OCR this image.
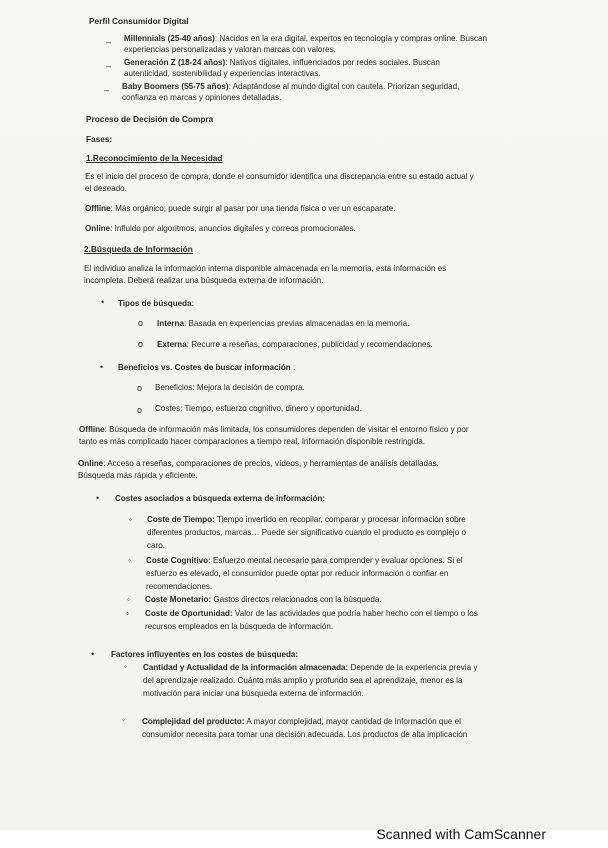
Perfil Consumidor Digital
– Millennials (25-40 años): Nacidos en la era digital, expertos en tecnología y compras online. Buscan
experiencias personalizadas y valoran marcas con valores.
– Generación Z (18-24 años): Nativos digitales, influenciados por redes sociales. Buscan
autenticidad, sostenibilidad y experiencias interactivas.
– Baby Boomers (55-75 años): Adaptándose al mundo digital con cautela. Priorizan seguridad,
confianza en marcas y opiniones detalladas.
Proceso de Decisión de Compra
Fases:
1.Reconocimiento de la Necesidad
Es el inicio del proceso de compra, donde el consumidor identifica una discrepancia entre su estado actual y
el deseado.
Offline: Más orgánico; puede surgir al pasar por una tienda física o ver un escaparate.
Online: Influido por algoritmos, anuncios digitales y correos promocionales.
2.Búsqueda de Información
El individuo analiza la información interna disponible almacenada en la memoria, esta información es
incompleta. Deberá realizar una búsqueda externa de información.
• Tipos de búsqueda:
o Interna: Basada en experiencias previas almacenadas en la memoria.
o Externa: Recurre a reseñas, comparaciones, publicidad y recomendaciones.
• Beneficios vs. Costes de buscar información :
o Beneficios: Mejora la decisión de compra.
o Costes: Tiempo, esfuerzo cognitivo, dinero y oportunidad.
Offline: Búsqueda de información más limitada, los consumidores dependen de visitar el entorno físico y por
tanto es más complicado hacer comparaciones a tiempo real. Información disponible restringida.
Online: Acceso a reseñas, comparaciones de precios, vídeos, y herramientas de análisis detalladas.
Búsqueda más rápida y eficiente.
• Costes asociados a búsqueda externa de información:
◦ Coste de Tiempo: Tiempo invertido en recopilar, comparar y procesar información sobre
diferentes productos, marcas… Puede ser significativo cuando el producto es complejo o
caro.
◦ Coste Cognitivo: Esfuerzo mental necesario para comprender y evaluar opciones. Si el
esfuerzo es elevado, el consumidor puede optar por reducir información o confiar en
recomendaciones.
◦ Coste Monetario: Gastos directos relacionados con la búsqueda.
◦ Coste de Oportunidad: Valor de las actividades que podría haber hecho con el tiempo o los
recursos empleados en la búsqueda de información.
• Factores influyentes en los costes de búsqueda:
◦ Cantidad y Actualidad de la información almacenada: Depende de la experiencia previa y
del aprendizaje realizado. Cuánto más amplio y profundo sea el aprendizaje, menor es la
motivación para iniciar una búsqueda externa de información.
◦ Complejidad del producto: A mayor complejidad, mayor cantidad de información que el
consumidor necesita para tomar una decisión adecuada. Los productos de alta implicación
Scanned with CamScanner
